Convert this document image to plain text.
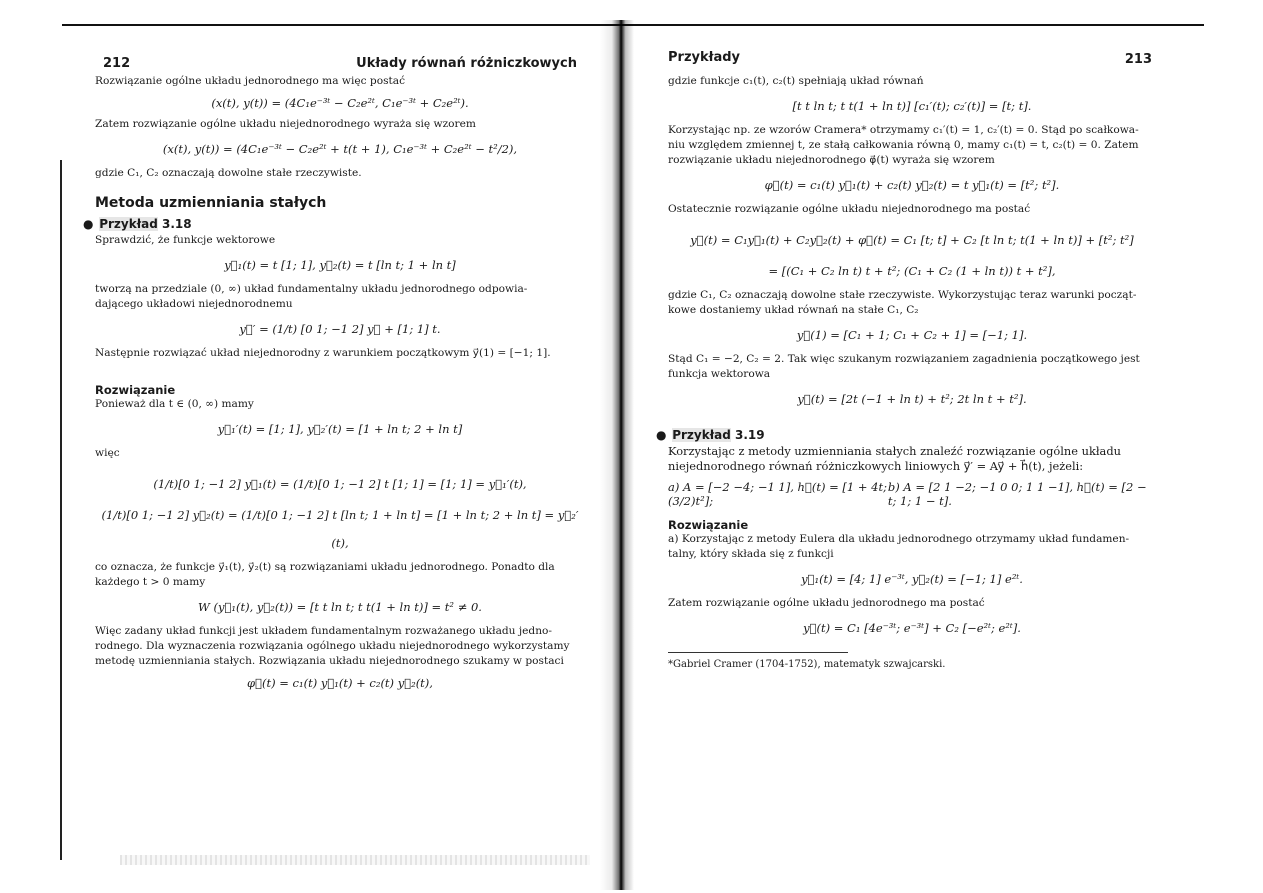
212	Układy równań różniczkowych

Rozwiązanie ogólne układu jednorodnego ma więc postać

(x(t), y(t)) = (4C₁e⁻³ᵗ − C₂e²ᵗ, C₁e⁻³ᵗ + C₂e²ᵗ).

Zatem rozwiązanie ogólne układu niejednorodnego wyraża się wzorem

(x(t), y(t)) = (4C₁e⁻³ᵗ − C₂e²ᵗ + t(t + 1), C₁e⁻³ᵗ + C₂e²ᵗ − t²/2),

gdzie C₁, C₂ oznaczają dowolne stałe rzeczywiste.

Metoda uzmienniania stałych
● Przykład 3.18

Sprawdzić, że funkcje wektorowe

y⃗₁(t) = t [1; 1], y⃗₂(t) = t [ln t; 1 + ln t]

tworzą na przedziale (0, ∞) układ fundamentalny układu jednorodnego odpowia-

dającego układowi niejednorodnemu

y⃗′ = (1/t) [0 1; −1 2] y⃗ + [1; 1] t.

Następnie rozwiązać układ niejednorodny z warunkiem początkowym y⃗(1) = [−1; 1].

Rozwiązanie

Ponieważ dla t ∈ (0, ∞) mamy

y⃗₁′(t) = [1; 1], y⃗₂′(t) = [1 + ln t; 2 + ln t]

więc

(1/t)[0 1; −1 2] y⃗₁(t) = (1/t)[0 1; −1 2] t [1; 1] = [1; 1] = y⃗₁′(t),
(1/t)[0 1; −1 2] y⃗₂(t) = (1/t)[0 1; −1 2] t [ln t; 1 + ln t] = [1 + ln t; 2 + ln t] = y⃗₂′(t),

co oznacza, że funkcje y⃗₁(t), y⃗₂(t) są rozwiązaniami układu jednorodnego. Ponadto dla

każdego t > 0 mamy

W (y⃗₁(t), y⃗₂(t)) = [t t ln t; t t(1 + ln t)] = t² ≠ 0.

Więc zadany układ funkcji jest układem fundamentalnym rozważanego układu jedno-

rodnego. Dla wyznaczenia rozwiązania ogólnego układu niejednorodnego wykorzystamy

metodę uzmienniania stałych. Rozwiązania układu niejednorodnego szukamy w postaci

φ⃗(t) = c₁(t) y⃗₁(t) + c₂(t) y⃗₂(t),
Przykłady	213

gdzie funkcje c₁(t), c₂(t) spełniają układ równań

[t t ln t; t t(1 + ln t)] [c₁′(t); c₂′(t)] = [t; t].

Korzystając np. ze wzorów Cramera* otrzymamy c₁′(t) = 1, c₂′(t) = 0. Stąd po scałkowa-

niu względem zmiennej t, ze stałą całkowania równą 0, mamy c₁(t) = t, c₂(t) = 0. Zatem

rozwiązanie układu niejednorodnego φ⃗(t) wyraża się wzorem

φ⃗(t) = c₁(t) y⃗₁(t) + c₂(t) y⃗₂(t) = t y⃗₁(t) = [t²; t²].

Ostatecznie rozwiązanie ogólne układu niejednorodnego ma postać

y⃗(t) = C₁y⃗₁(t) + C₂y⃗₂(t) + φ⃗(t) = C₁ [t; t] + C₂ [t ln t; t(1 + ln t)] + [t²; t²]
= [(C₁ + C₂ ln t) t + t²; (C₁ + C₂ (1 + ln t)) t + t²],

gdzie C₁, C₂ oznaczają dowolne stałe rzeczywiste. Wykorzystując teraz warunki począt-

kowe dostaniemy układ równań na stałe C₁, C₂

y⃗(1) = [C₁ + 1; C₁ + C₂ + 1] = [−1; 1].

Stąd C₁ = −2, C₂ = 2. Tak więc szukanym rozwiązaniem zagadnienia początkowego jest

funkcja wektorowa

y⃗(t) = [2t (−1 + ln t) + t²; 2t ln t + t²].
● Przykład 3.19

Korzystając z metody uzmienniania stałych znaleźć rozwiązanie ogólne układu

niejednorodnego równań różniczkowych liniowych y⃗′ = Ay⃗ + h⃗(t), jeżeli:

a) A = [−2 −4; −1 1], h⃗(t) = [1 + 4t; (3/2)t²];
b) A = [2 1 −2; −1 0 0; 1 1 −1], h⃗(t) = [2 − t; 1; 1 − t].
Rozwiązanie

a) Korzystając z metody Eulera dla układu jednorodnego otrzymamy układ fundamen-

talny, który składa się z funkcji

y⃗₁(t) = [4; 1] e⁻³ᵗ, y⃗₂(t) = [−1; 1] e²ᵗ.

Zatem rozwiązanie ogólne układu jednorodnego ma postać

y⃗(t) = C₁ [4e⁻³ᵗ; e⁻³ᵗ] + C₂ [−e²ᵗ; e²ᵗ].

*Gabriel Cramer (1704-1752), matematyk szwajcarski.
